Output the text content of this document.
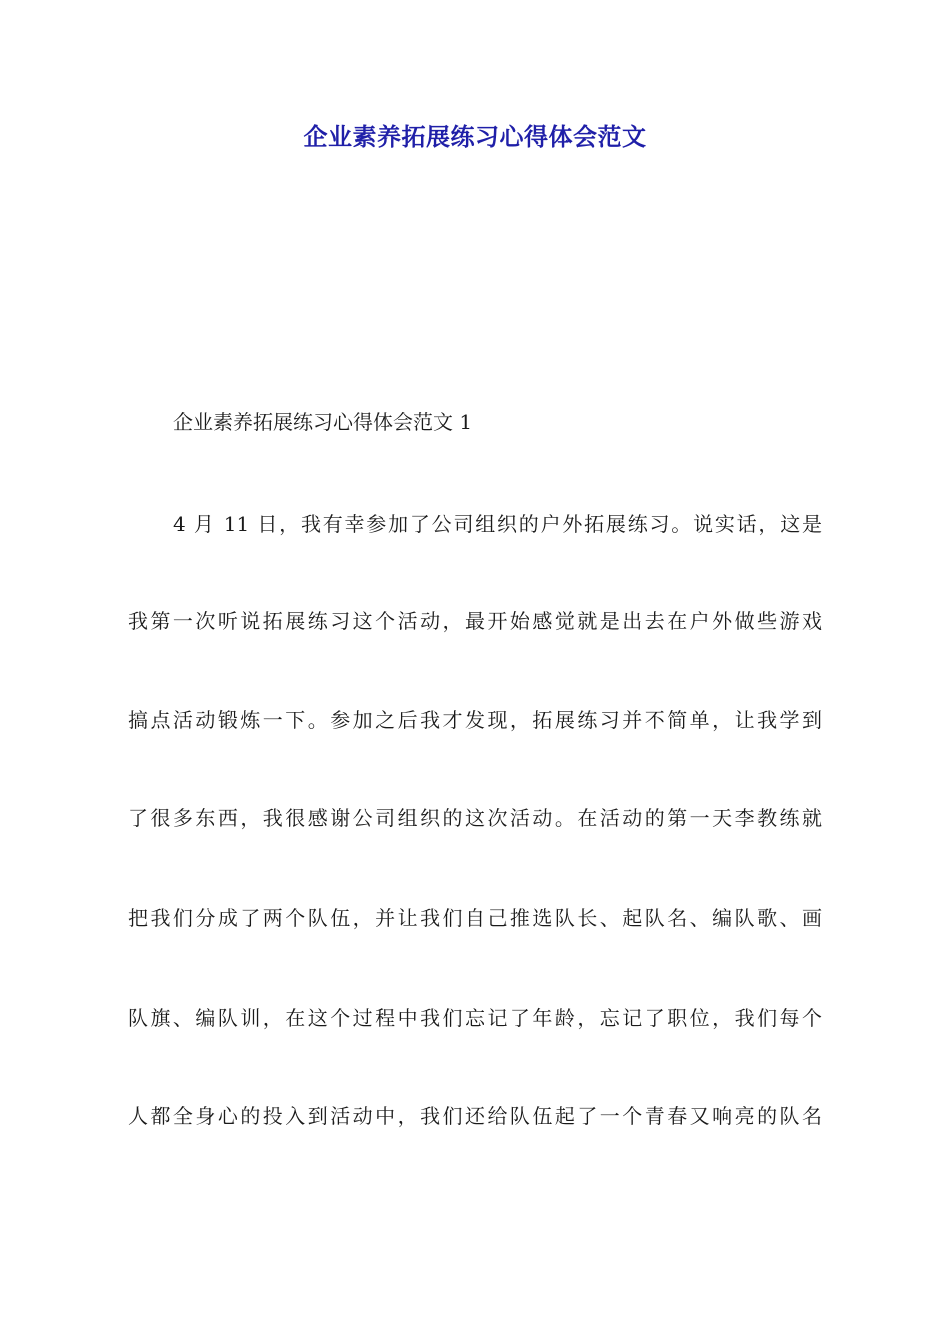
企业素养拓展练习心得体会范文

企业素养拓展练习心得体会范文 1

4 月 11 日，我有幸参加了公司组织的户外拓展练习。说实话，这是

我第一次听说拓展练习这个活动，最开始感觉就是出去在户外做些游戏

搞点活动锻炼一下。参加之后我才发现，拓展练习并不简单，让我学到

了很多东西，我很感谢公司组织的这次活动。在活动的第一天李教练就

把我们分成了两个队伍，并让我们自己推选队长、起队名、编队歌、画

队旗、编队训，在这个过程中我们忘记了年龄，忘记了职位，我们每个

人都全身心的投入到活动中，我们还给队伍起了一个青春又响亮的队名
